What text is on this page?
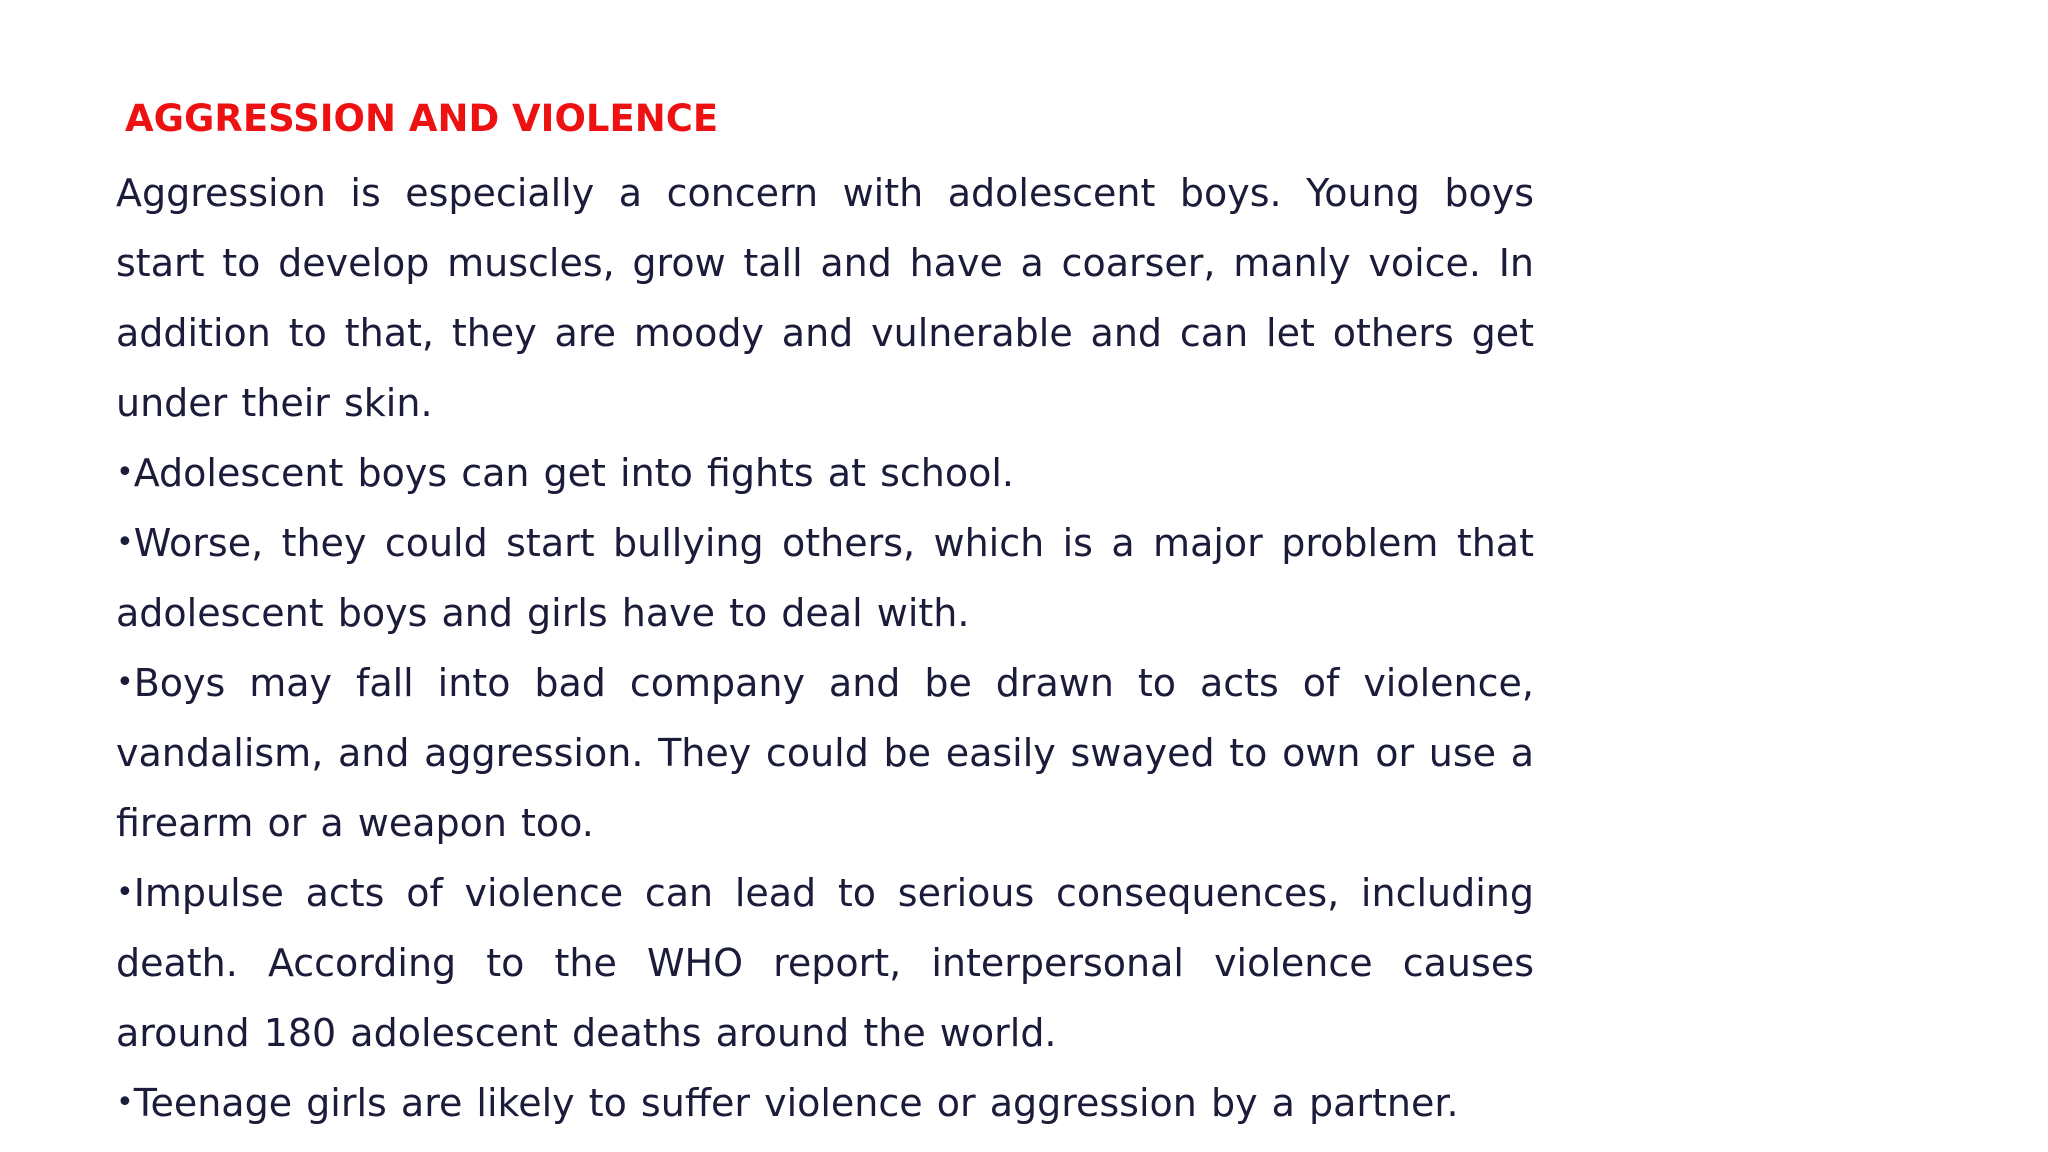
AGGRESSION AND VIOLENCE

Aggression is especially a concern with adolescent boys. Young boys start to develop muscles, grow tall and have a coarser, manly voice. In addition to that, they are moody and vulnerable and can let others get under their skin.

•Adolescent boys can get into fights at school.

•Worse, they could start bullying others, which is a major problem that adolescent boys and girls have to deal with.

•Boys may fall into bad company and be drawn to acts of violence, vandalism, and aggression. They could be easily swayed to own or use a firearm or a weapon too.

•Impulse acts of violence can lead to serious consequences, including death. According to the WHO report, interpersonal violence causes around 180 adolescent deaths around the world.

•Teenage girls are likely to suffer violence or aggression by a partner.
